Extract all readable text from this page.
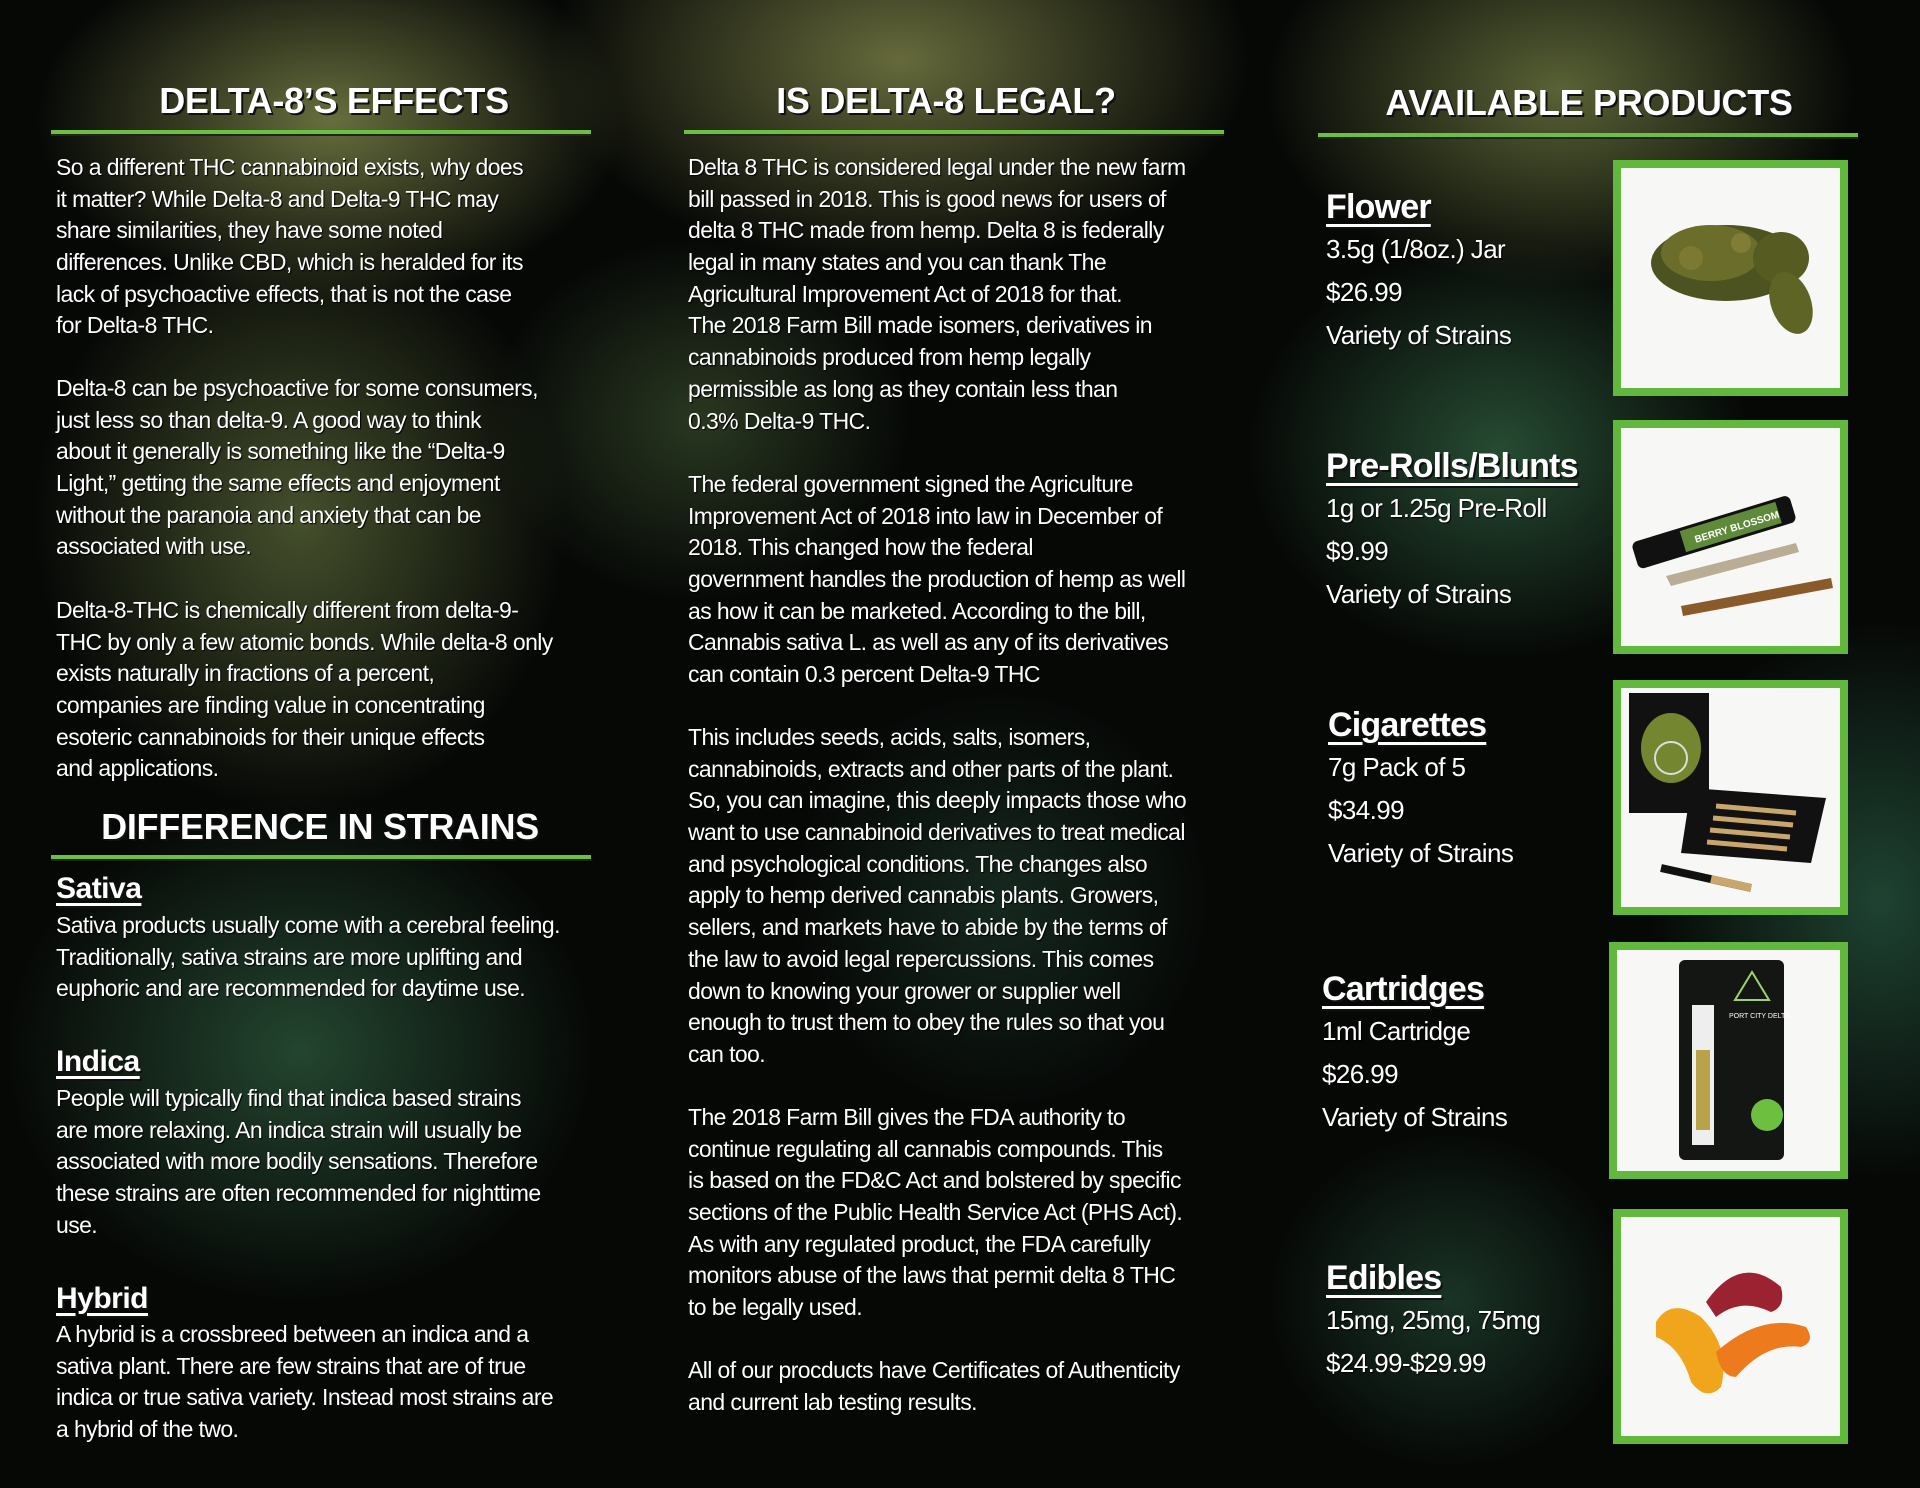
DELTA-8’S EFFECTS
So a different THC cannabinoid exists, why does
it matter? While Delta-8 and Delta-9 THC may
share similarities, they have some noted
differences. Unlike CBD, which is heralded for its
lack of psychoactive effects, that is not the case
for Delta-8 THC.
Delta-8 can be psychoactive for some consumers,
just less so than delta-9. A good way to think
about it generally is something like the “Delta-9
Light,” getting the same effects and enjoyment
without the paranoia and anxiety that can be
associated with use.
Delta-8-THC is chemically different from delta-9-
THC by only a few atomic bonds. While delta-8 only
exists naturally in fractions of a percent,
companies are finding value in concentrating
esoteric cannabinoids for their unique effects
and applications.
DIFFERENCE IN STRAINS
Sativa
Sativa products usually come with a cerebral feeling.
Traditionally, sativa strains are more uplifting and
euphoric and are recommended for daytime use.
Indica
People will typically find that indica based strains
are more relaxing. An indica strain will usually be
associated with more bodily sensations. Therefore
these strains are often recommended for nighttime
use.
Hybrid
A hybrid is a crossbreed between an indica and a
sativa plant. There are few strains that are of true
indica or true sativa variety. Instead most strains are
a hybrid of the two.
IS DELTA-8 LEGAL?
Delta 8 THC is considered legal under the new farm
bill passed in 2018. This is good news for users of
delta 8 THC made from hemp. Delta 8 is federally
legal in many states and you can thank The
Agricultural Improvement Act of 2018 for that.
The 2018 Farm Bill made isomers, derivatives in
cannabinoids produced from hemp legally
permissible as long as they contain less than
0.3% Delta-9 THC.
The federal government signed the Agriculture
Improvement Act of 2018 into law in December of
2018. This changed how the federal
government handles the production of hemp as well
as how it can be marketed. According to the bill,
Cannabis sativa L. as well as any of its derivatives
can contain 0.3 percent Delta-9 THC
This includes seeds, acids, salts, isomers,
cannabinoids, extracts and other parts of the plant.
So, you can imagine, this deeply impacts those who
want to use cannabinoid derivatives to treat medical
and psychological conditions. The changes also
apply to hemp derived cannabis plants. Growers,
sellers, and markets have to abide by the terms of
the law to avoid legal repercussions. This comes
down to knowing your grower or supplier well
enough to trust them to obey the rules so that you
can too.
The 2018 Farm Bill gives the FDA authority to
continue regulating all cannabis compounds. This
is based on the FD&C Act and bolstered by specific
sections of the Public Health Service Act (PHS Act).
As with any regulated product, the FDA carefully
monitors abuse of the laws that permit delta 8 THC
to be legally used.
All of our procducts have Certificates of Authenticity
and current lab testing results.
AVAILABLE PRODUCTS
Flower
3.5g (1/8oz.) Jar
$26.99
Variety of Strains
Pre-Rolls/Blunts
1g or 1.25g Pre-Roll
$9.99
Variety of Strains
Cigarettes
7g Pack of 5
$34.99
Variety of Strains
Cartridges
1ml Cartridge
$26.99
Variety of Strains
Edibles
15mg, 25mg, 75mg
$24.99-$29.99
BERRY BLOSSOM
PORT CITY DELTA
